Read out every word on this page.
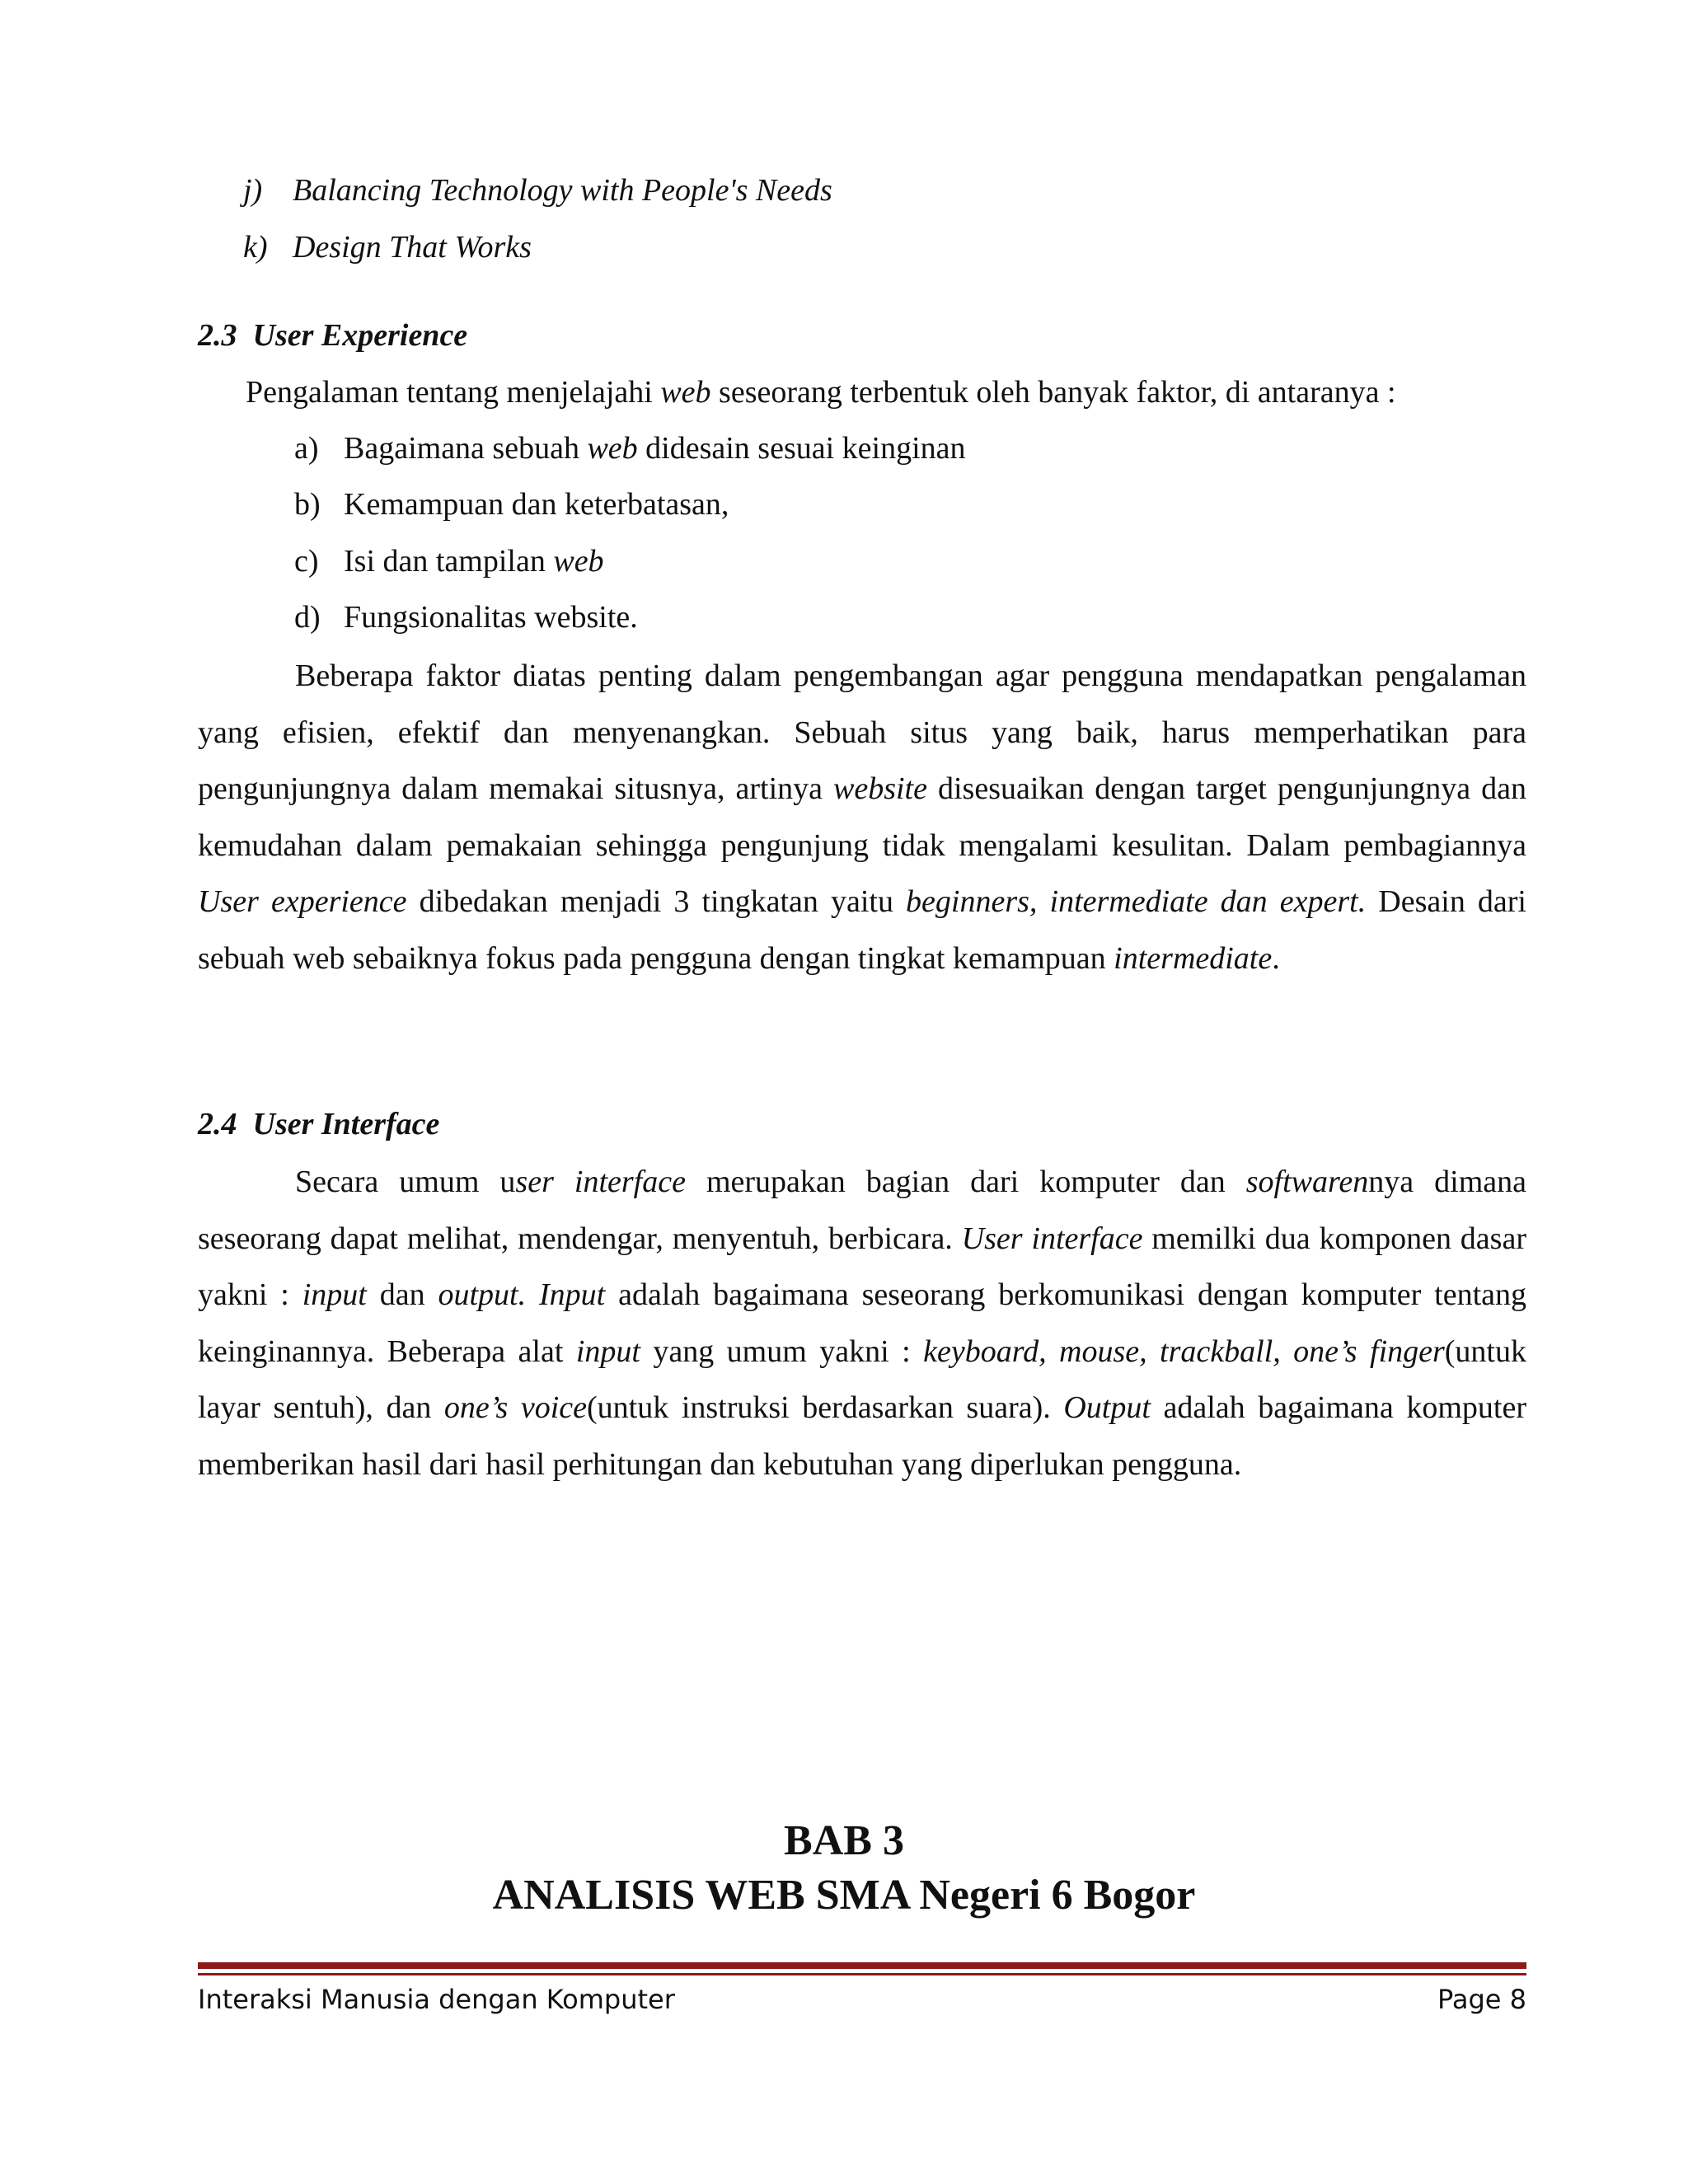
j) Balancing Technology with People's Needs
k) Design That Works
2.3 User Experience
Pengalaman tentang menjelajahi web seseorang terbentuk oleh banyak faktor, di antaranya :
a) Bagaimana sebuah web didesain sesuai keinginan
b) Kemampuan dan keterbatasan,
c) Isi dan tampilan web
d) Fungsionalitas website.

Beberapa faktor diatas penting dalam pengembangan agar pengguna mendapatkan pengalaman yang efisien, efektif dan menyenangkan. Sebuah situs yang baik, harus memperhatikan para pengunjungnya dalam memakai situsnya, artinya website disesuaikan dengan target pengunjungnya dan kemudahan dalam pemakaian sehingga pengunjung tidak mengalami kesulitan. Dalam pembagiannya User experience dibedakan menjadi 3 tingkatan yaitu beginners, intermediate dan expert. Desain dari sebuah web sebaiknya fokus pada pengguna dengan tingkat kemampuan intermediate.

2.4 User Interface

Secara umum user interface merupakan bagian dari komputer dan softwarennya dimana seseorang dapat melihat, mendengar, menyentuh, berbicara. User interface memilki dua komponen dasar yakni : input dan output. Input adalah bagaimana seseorang berkomunikasi dengan komputer tentang keinginannya. Beberapa alat input yang umum yakni : keyboard, mouse, trackball, one’s finger(untuk layar sentuh), dan one’s voice(untuk instruksi berdasarkan suara). Output adalah bagaimana komputer memberikan hasil dari hasil perhitungan dan kebutuhan yang diperlukan pengguna.

BAB 3
ANALISIS WEB SMA Negeri 6 Bogor
Interaksi Manusia dengan Komputer	Page 8
